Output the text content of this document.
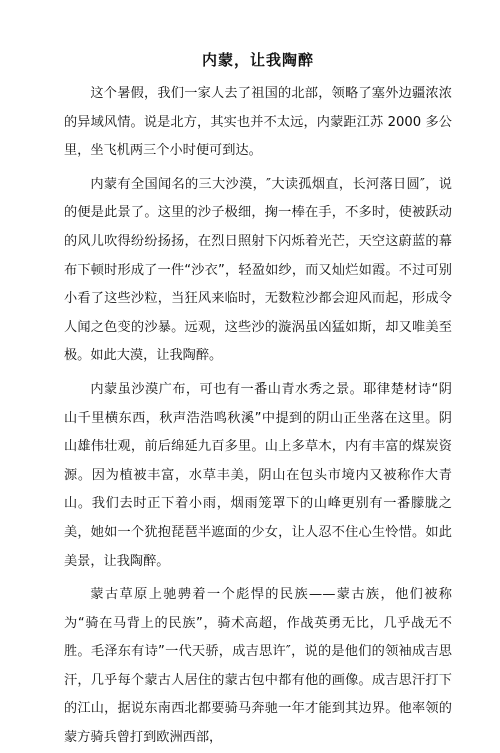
内蒙，让我陶醉

这个暑假，我们一家人去了祖国的北部，领略了塞外边疆浓浓的异域风情。说是北方，其实也并不太远，内蒙距江苏 2000 多公里，坐飞机两三个小时便可到达。

内蒙有全国闻名的三大沙漠，″大读孤烟直，长河落日圆″，说的便是此景了。这里的沙子极细，掬一棒在手，不多时，使被跃动的风儿吹得纷纷扬扬，在烈日照射下闪烁着光芒，天空这蔚蓝的幕布下顿时形成了一件“沙衣”，轻盈如纱，而又灿烂如霞。不过可别小看了这些沙粒，当狂风来临时，无数粒沙都会迎风而起，形成令人闻之色变的沙暴。远观，这些沙的漩涡虽凶猛如斯，却又唯美至极。如此大漠，让我陶醉。

内蒙虽沙漠广布，可也有一番山青水秀之景。耶律楚材诗“阴山千里横东西，秋声浩浩鸣秋溪”中提到的阴山正坐落在这里。阴山雄伟壮观，前后绵延九百多里。山上多草木，内有丰富的煤炭资源。因为植被丰富，水草丰美，阴山在包头市境内又被称作大青山。我们去时正下着小雨，烟雨笼罩下的山峰更别有一番朦胧之美，她如一个犹抱琵琶半遮面的少女，让人忍不住心生怜惜。如此美景，让我陶醉。

蒙古草原上驰骋着一个彪悍的民族——蒙古族，他们被称为“骑在马背上的民族”，骑术高超，作战英勇无比，几乎战无不胜。毛泽东有诗”一代天骄，成吉思许″，说的是他们的领袖成吉思汗，几乎每个蒙古人居住的蒙古包中都有他的画像。成吉思汗打下的江山，据说东南西北都要骑马奔驰一年才能到其边界。他率领的蒙方骑兵曾打到欧洲西部，
